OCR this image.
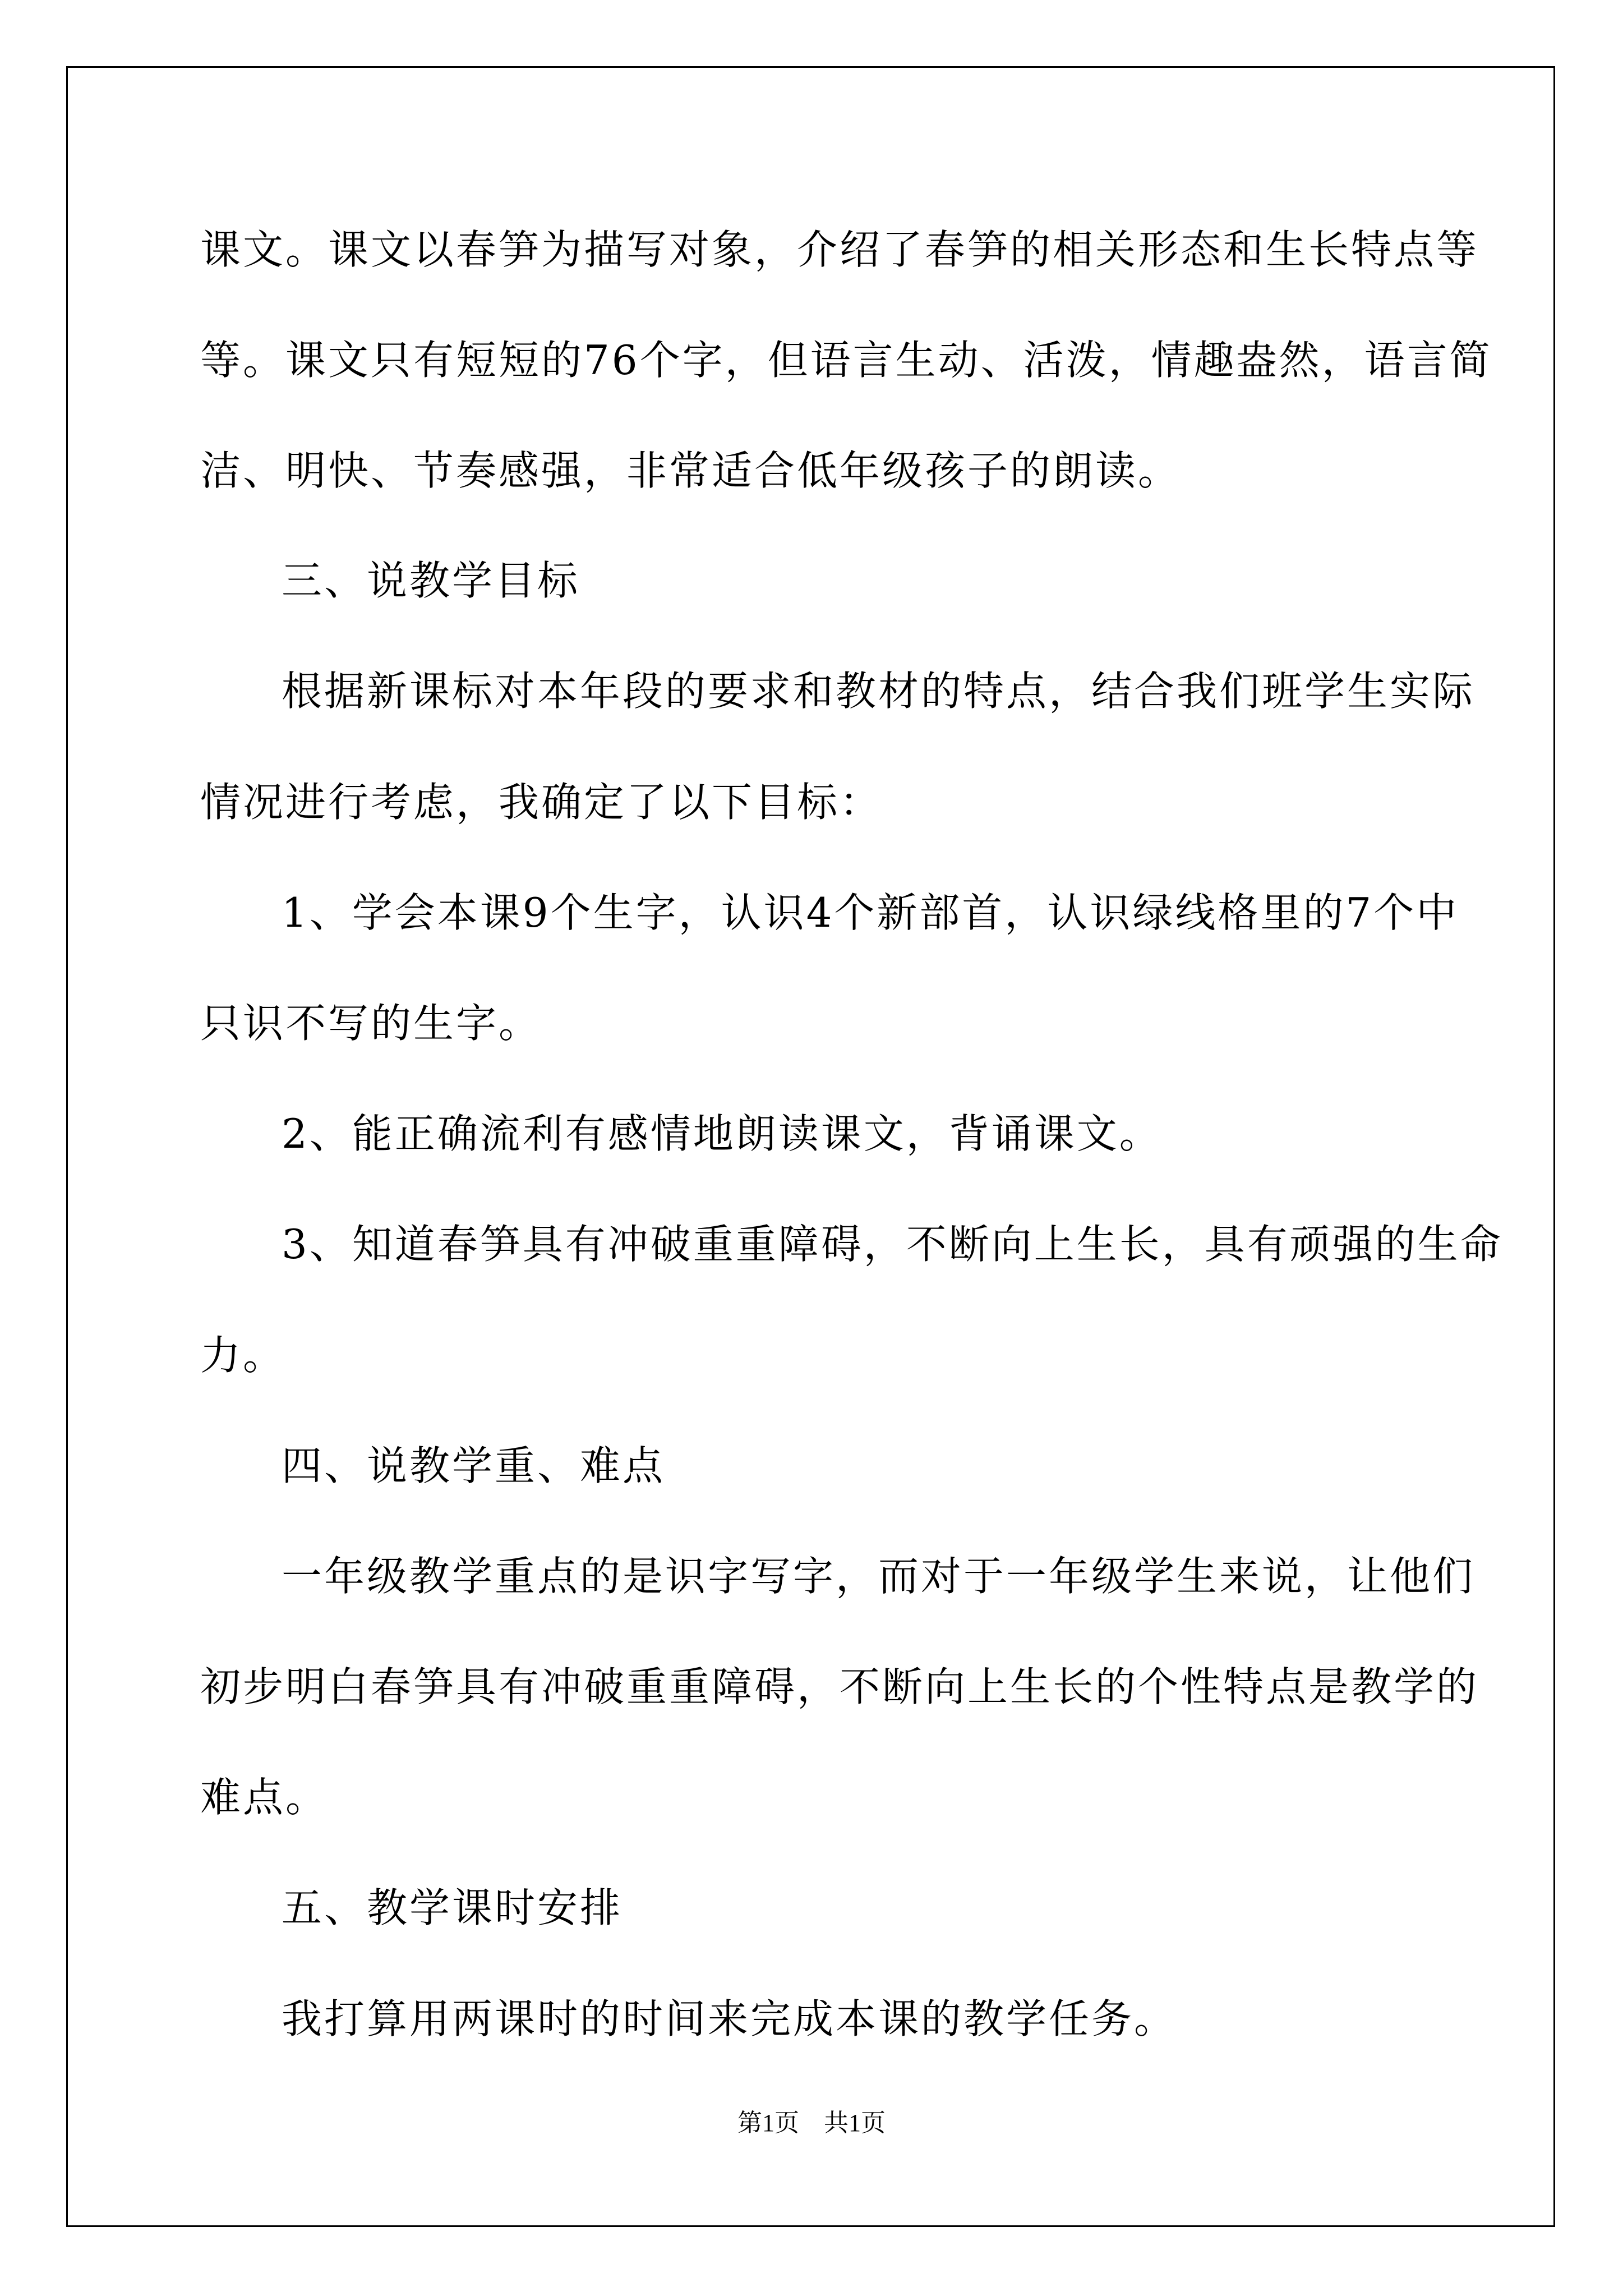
课文。课文以春笋为描写对象，介绍了春笋的相关形态和生长特点等
等。课文只有短短的76个字，但语言生动、活泼，情趣盎然，语言简
洁、明快、节奏感强，非常适合低年级孩子的朗读。
三、说教学目标
根据新课标对本年段的要求和教材的特点，结合我们班学生实际
情况进行考虑，我确定了以下目标：
1、学会本课9个生字，认识4个新部首，认识绿线格里的7个中
只识不写的生字。
2、能正确流利有感情地朗读课文，背诵课文。
3、知道春笋具有冲破重重障碍，不断向上生长，具有顽强的生命
力。
四、说教学重、难点
一年级教学重点的是识字写字，而对于一年级学生来说，让他们
初步明白春笋具有冲破重重障碍，不断向上生长的个性特点是教学的
难点。
五、教学课时安排
我打算用两课时的时间来完成本课的教学任务。
第1页　共1页
